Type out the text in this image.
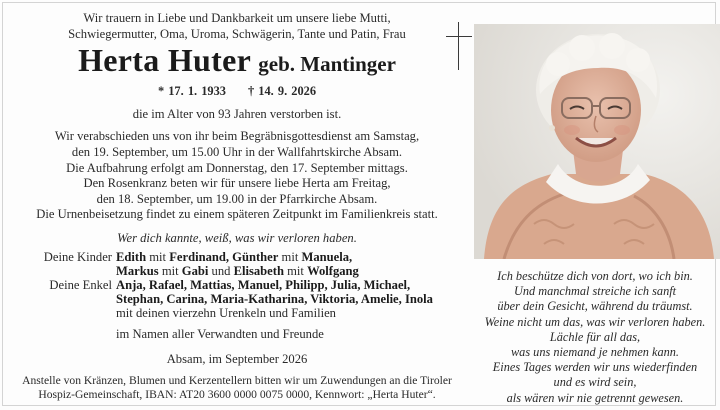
Wir trauern in Liebe und Dankbarkeit um unsere liebe Mutti,

Schwiegermutter, Oma, Uroma, Schwägerin, Tante und Patin, Frau

Herta Huter geb. Mantinger

* 17. 1. 1933 † 14. 9. 2026

die im Alter von 93 Jahren verstorben ist.

Wir verabschieden uns von ihr beim Begräbnisgottesdienst am Samstag,

den 19. September, um 15.00 Uhr in der Wallfahrtskirche Absam.

Die Aufbahrung erfolgt am Donnerstag, den 17. September mittags.

Den Rosenkranz beten wir für unsere liebe Herta am Freitag,

den 18. September, um 19.00 in der Pfarrkirche Absam.

Die Urnenbeisetzung findet zu einem späteren Zeitpunkt im Familienkreis statt.

Wer dich kannte, weiß, was wir verloren haben.

Deine Kinder Edith mit Ferdinand, Günther mit Manuela,
Markus mit Gabi und Elisabeth mit Wolfgang
Deine Enkel Anja, Rafael, Mattias, Manuel, Philipp, Julia, Michael,
Stephan, Carina, Maria-Katharina, Viktoria, Amelie, Inola
mit deinen vierzehn Urenkeln und Familien

im Namen aller Verwandten und Freunde

Absam, im September 2026

Anstelle von Kränzen, Blumen und Kerzentellern bitten wir um Zuwendungen an die Tiroler

Hospiz-Gemeinschaft, IBAN: AT20 3600 0000 0075 0000, Kennwort: „Herta Huter“.

Ich beschütze dich von dort, wo ich bin.

Und manchmal streiche ich sanft

über dein Gesicht, während du träumst.

Weine nicht um das, was wir verloren haben.

Lächle für all das,

was uns niemand je nehmen kann.

Eines Tages werden wir uns wiederfinden

und es wird sein,

als wären wir nie getrennt gewesen.
